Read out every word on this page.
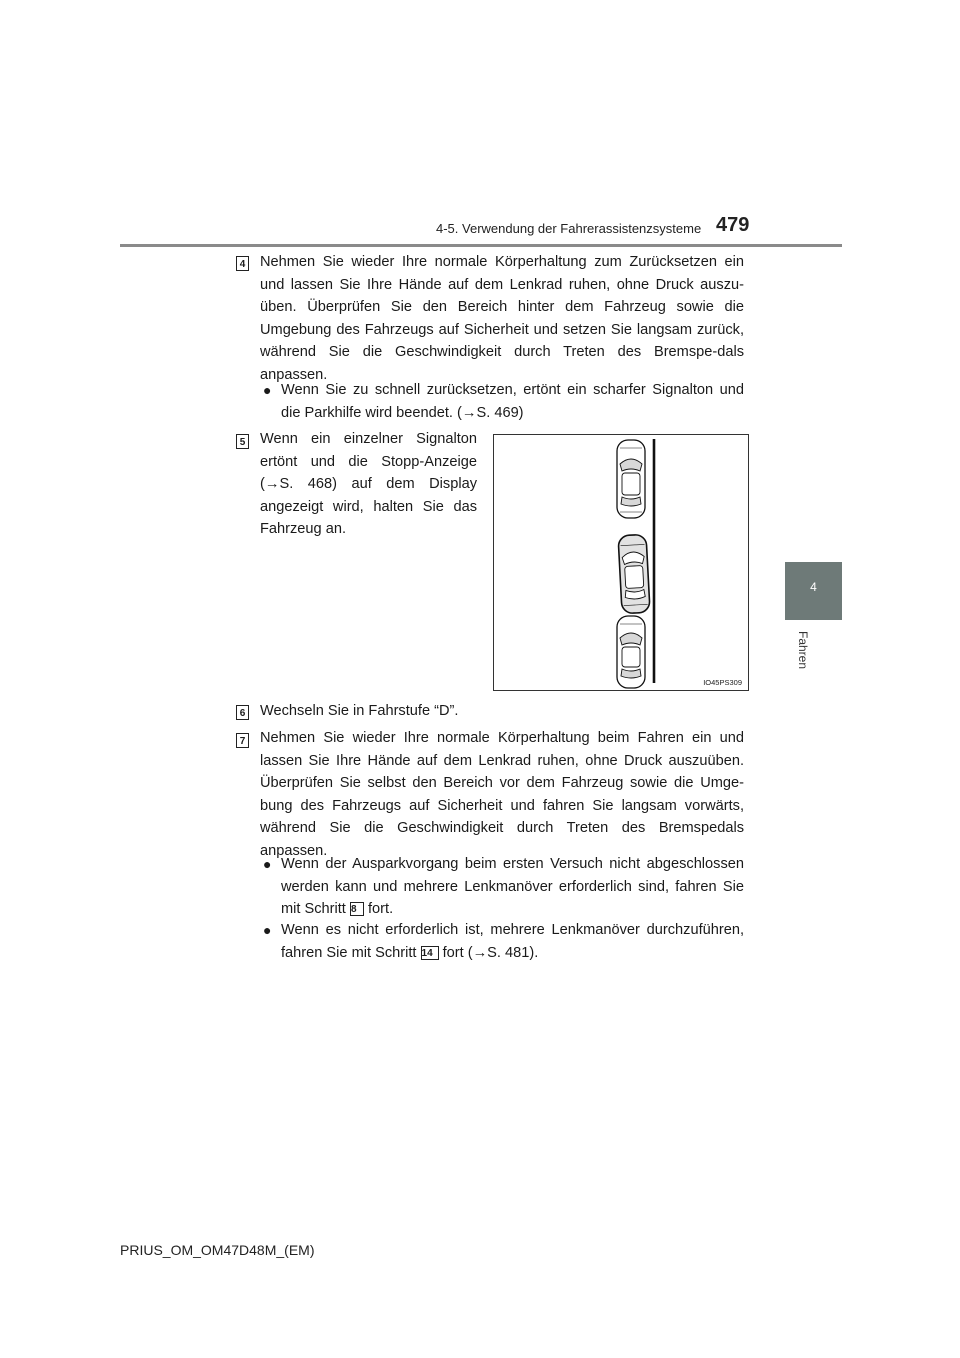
4-5. Verwendung der Fahrerassistenzsysteme 479
4
Fahren
4 Nehmen Sie wieder Ihre normale Körperhaltung zum Zurücksetzen ein und lassen Sie Ihre Hände auf dem Lenkrad ruhen, ohne Druck auszu-üben. Überprüfen Sie den Bereich hinter dem Fahrzeug sowie die Umgebung des Fahrzeugs auf Sicherheit und setzen Sie langsam zurück, während Sie die Geschwindigkeit durch Treten des Bremspe-dals anpassen.
● Wenn Sie zu schnell zurücksetzen, ertönt ein scharfer Signalton und die Parkhilfe wird beendet. (→S. 469)
5 Wenn ein einzelner Signalton ertönt und die Stopp-Anzeige (→S. 468) auf dem Display angezeigt wird, halten Sie das Fahrzeug an.
IO45PS309
6 Wechseln Sie in Fahrstufe “D”.
7 Nehmen Sie wieder Ihre normale Körperhaltung beim Fahren ein und lassen Sie Ihre Hände auf dem Lenkrad ruhen, ohne Druck auszuüben. Überprüfen Sie selbst den Bereich vor dem Fahrzeug sowie die Umge-bung des Fahrzeugs auf Sicherheit und fahren Sie langsam vorwärts, während Sie die Geschwindigkeit durch Treten des Bremspedals anpassen.
● Wenn der Ausparkvorgang beim ersten Versuch nicht abgeschlossen werden kann und mehrere Lenkmanöver erforderlich sind, fahren Sie mit Schritt 8 fort.
● Wenn es nicht erforderlich ist, mehrere Lenkmanöver durchzuführen, fahren Sie mit Schritt 14 fort (→S. 481).
PRIUS_OM_OM47D48M_(EM)
